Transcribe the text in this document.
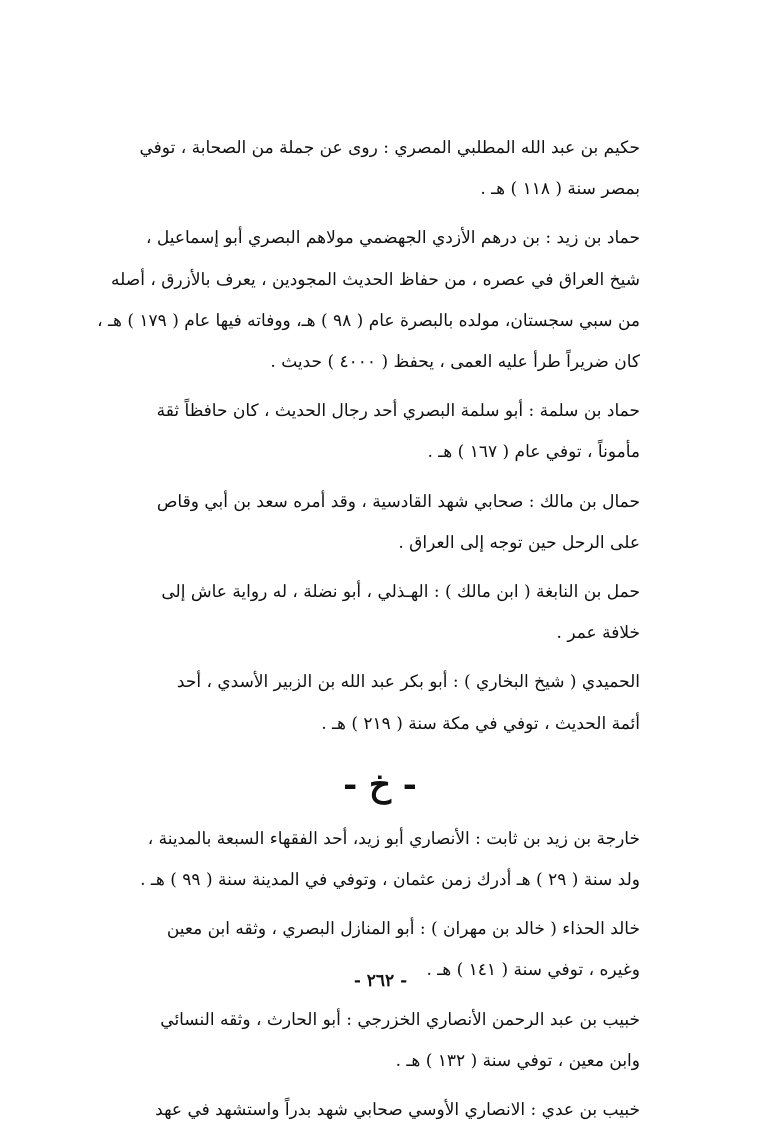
حكيم بن عبد الله المطلبي المصري : روى عن جملة من الصحابة ، توفي
بمصر سنة ( ١١٨ ) هـ .
حماد بن زيد : بن درهم الأزدي الجهضمي مولاهم البصري أبو إسماعيل ،
شيخ العراق في عصره ، من حفاظ الحديث المجودين ، يعرف بالأزرق ، أصله
من سبي سجستان، مولده بالبصرة عام ( ٩٨ ) هـ، ووفاته فيها عام ( ١٧٩ ) هـ ،
كان ضريراً طرأ عليه العمى ، يحفظ ( ٤٠٠٠ ) حديث .
حماد بن سلمة : أبو سلمة البصري أحد رجال الحديث ، كان حافظاً ثقة
مأموناً ، توفي عام ( ١٦٧ ) هـ .
حمال بن مالك : صحابي شهد القادسية ، وقد أمره سعد بن أبي وقاص
على الرحل حين توجه إلى العراق .
حمل بن النابغة ( ابن مالك ) : الهـذلي ، أبو نضلة ، له رواية عاش إلى
خلافة عمر .
الحميدي ( شيخ البخاري ) : أبو بكر عبد الله بن الزبير الأسدي ، أحد
أئمة الحديث ، توفي في مكة سنة ( ٢١٩ ) هـ .
- خ -
خارجة بن زيد بن ثابت : الأنصاري أبو زيد، أحد الفقهاء السبعة بالمدينة ،
ولد سنة ( ٢٩ ) هـ أدرك زمن عثمان ، وتوفي في المدينة سنة ( ٩٩ ) هـ .
خالد الحذاء ( خالد بن مهران ) : أبو المنازل البصري ، وثقه ابن معين
وغيره ، توفي سنة ( ١٤١ ) هـ .
خبيب بن عبد الرحمن الأنصاري الخزرجي : أبو الحارث ، وثقه النسائي
وابن معين ، توفي سنة ( ١٣٢ ) هـ .
خبيب بن عدي : الانصاري الأوسي صحابي شهد بدراً واستشهد في عهد
- ٢٦٢ -
